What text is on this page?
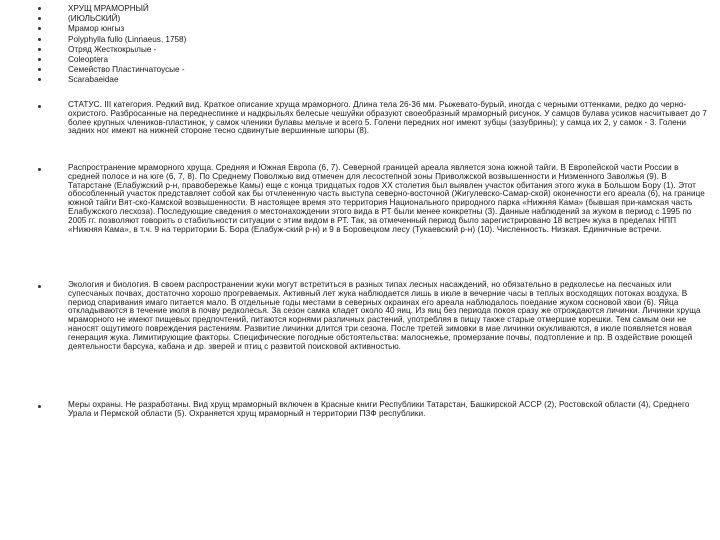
ХРУЩ МРАМОРНЫЙ
(ИЮЛЬСКИЙ)
Мрамор юнгыз
Polyphylla fullo (Linnaeus, 1758)
Отряд Жесткокрылые -
Coleoptera
Семейство Пластинчатоусые -
Scarabaeidae
СТАТУС. III категория. Редкий вид. Краткое описание хруща мраморного. Длина тела 26-36 мм. Рыжевато-бурый, иногда с черными оттенками, редко до черно-охристого. Разбросанные на переднеспинке и надкрыльях белесые чешуйки образуют своеобразный мраморный рисунок. У самцов булава усиков насчитывает до 7 более крупных члеников-пластинок, у самок членики булавы мельче и всего 5. Голени передних ног имеют зубцы (зазубрины); у самца их 2, у самок - 3. Голени задних ног имеют на нижней стороне тесно сдвинутые вершинные шпоры (8).
Распространение мраморного хруща. Средняя и Южная Европа (6, 7). Северной границей ареала является зона южной тайги. В Европейской части России в средней полосе и на юге (6, 7, 8). По Среднему Поволжью вид отмечен для лесостепной зоны Приволжской возвышенности и Низменного Заволжья (9). В Татарстане (Елабужский р-н, правобережье Камы) еще с конца тридцатых годов ХХ столетия был выявлен участок обитания этого жука в Большом Бору (1). Этот обособленный участок представляет собой как бы отчлененную часть выступа северно-восточной (Жигулевско-Самар-ской) оконечности его ареала (6), на границе южной тайги Вят-ско-Камской возвышенности. В настоящее время это территория Национального природного парка «Нижняя Кама» (бывшая при-камская часть Елабужского лесхоза). Последующие сведения о местонахождении этого вида в РТ были менее конкретны (3). Данные наблюдений за жуком в период с 1995 по 2005 гг. позволяют говорить о стабильности ситуации с этим видом в РТ. Так, за отмеченный период было зарегистрировано 18 встреч жука в пределах НПП «Нижняя Кама», в т.ч. 9 на территории Б. Бора (Елабуж-ский р-н) и 9 в Боровецком лесу (Тукаевский р-н) (10). Численность. Низкая. Единичные встречи.
Экология и биология. В своем распространении жуки могут встретиться в разных типах лесных насаждений, но обязательно в редколесье на песчаных или супесчаных почвах, достаточно хорошо прогреваемых. Активный лет жука наблюдается лишь в июле в вечерние часы в теплых восходящих потоках воздуха. В период спаривания имаго питается мало. В отдельные годы местами в северных окраинах его ареала наблюдалось поедание жуком сосновой хвои (6). Яйца откладываются в течение июля в почву редколесья. За сезон самка кладет около 40 яиц. Из яиц без периода покоя сразу же отрождаются личинки. Личинки хруща мраморного не имеют пищевых предпочтений, питаются корнями различных растений, употребляя в пищу также старые отмершие корешки. Тем самым они не наносят ощутимого повреждения растениям. Развитие личинки длится три сезона. После третей зимовки в мае личинки окукливаются, в июле появляется новая генерация жука. Лимитирующие факторы. Специфические погодные обстоятельства: малоснежье, промерзание почвы, подтопление и пр. В оздействие роющей деятельности барсука, кабана и др. зверей и птиц с развитой поисковой активностью.
Меры охраны. Не разработаны. Вид хрущ мраморный включен в Красные книги Республики Татарстан, Башкирской АССР (2), Ростовской области (4), Среднего Урала и Пермской области (5). Охраняется хрущ мраморный н территории ПЗФ республики.
